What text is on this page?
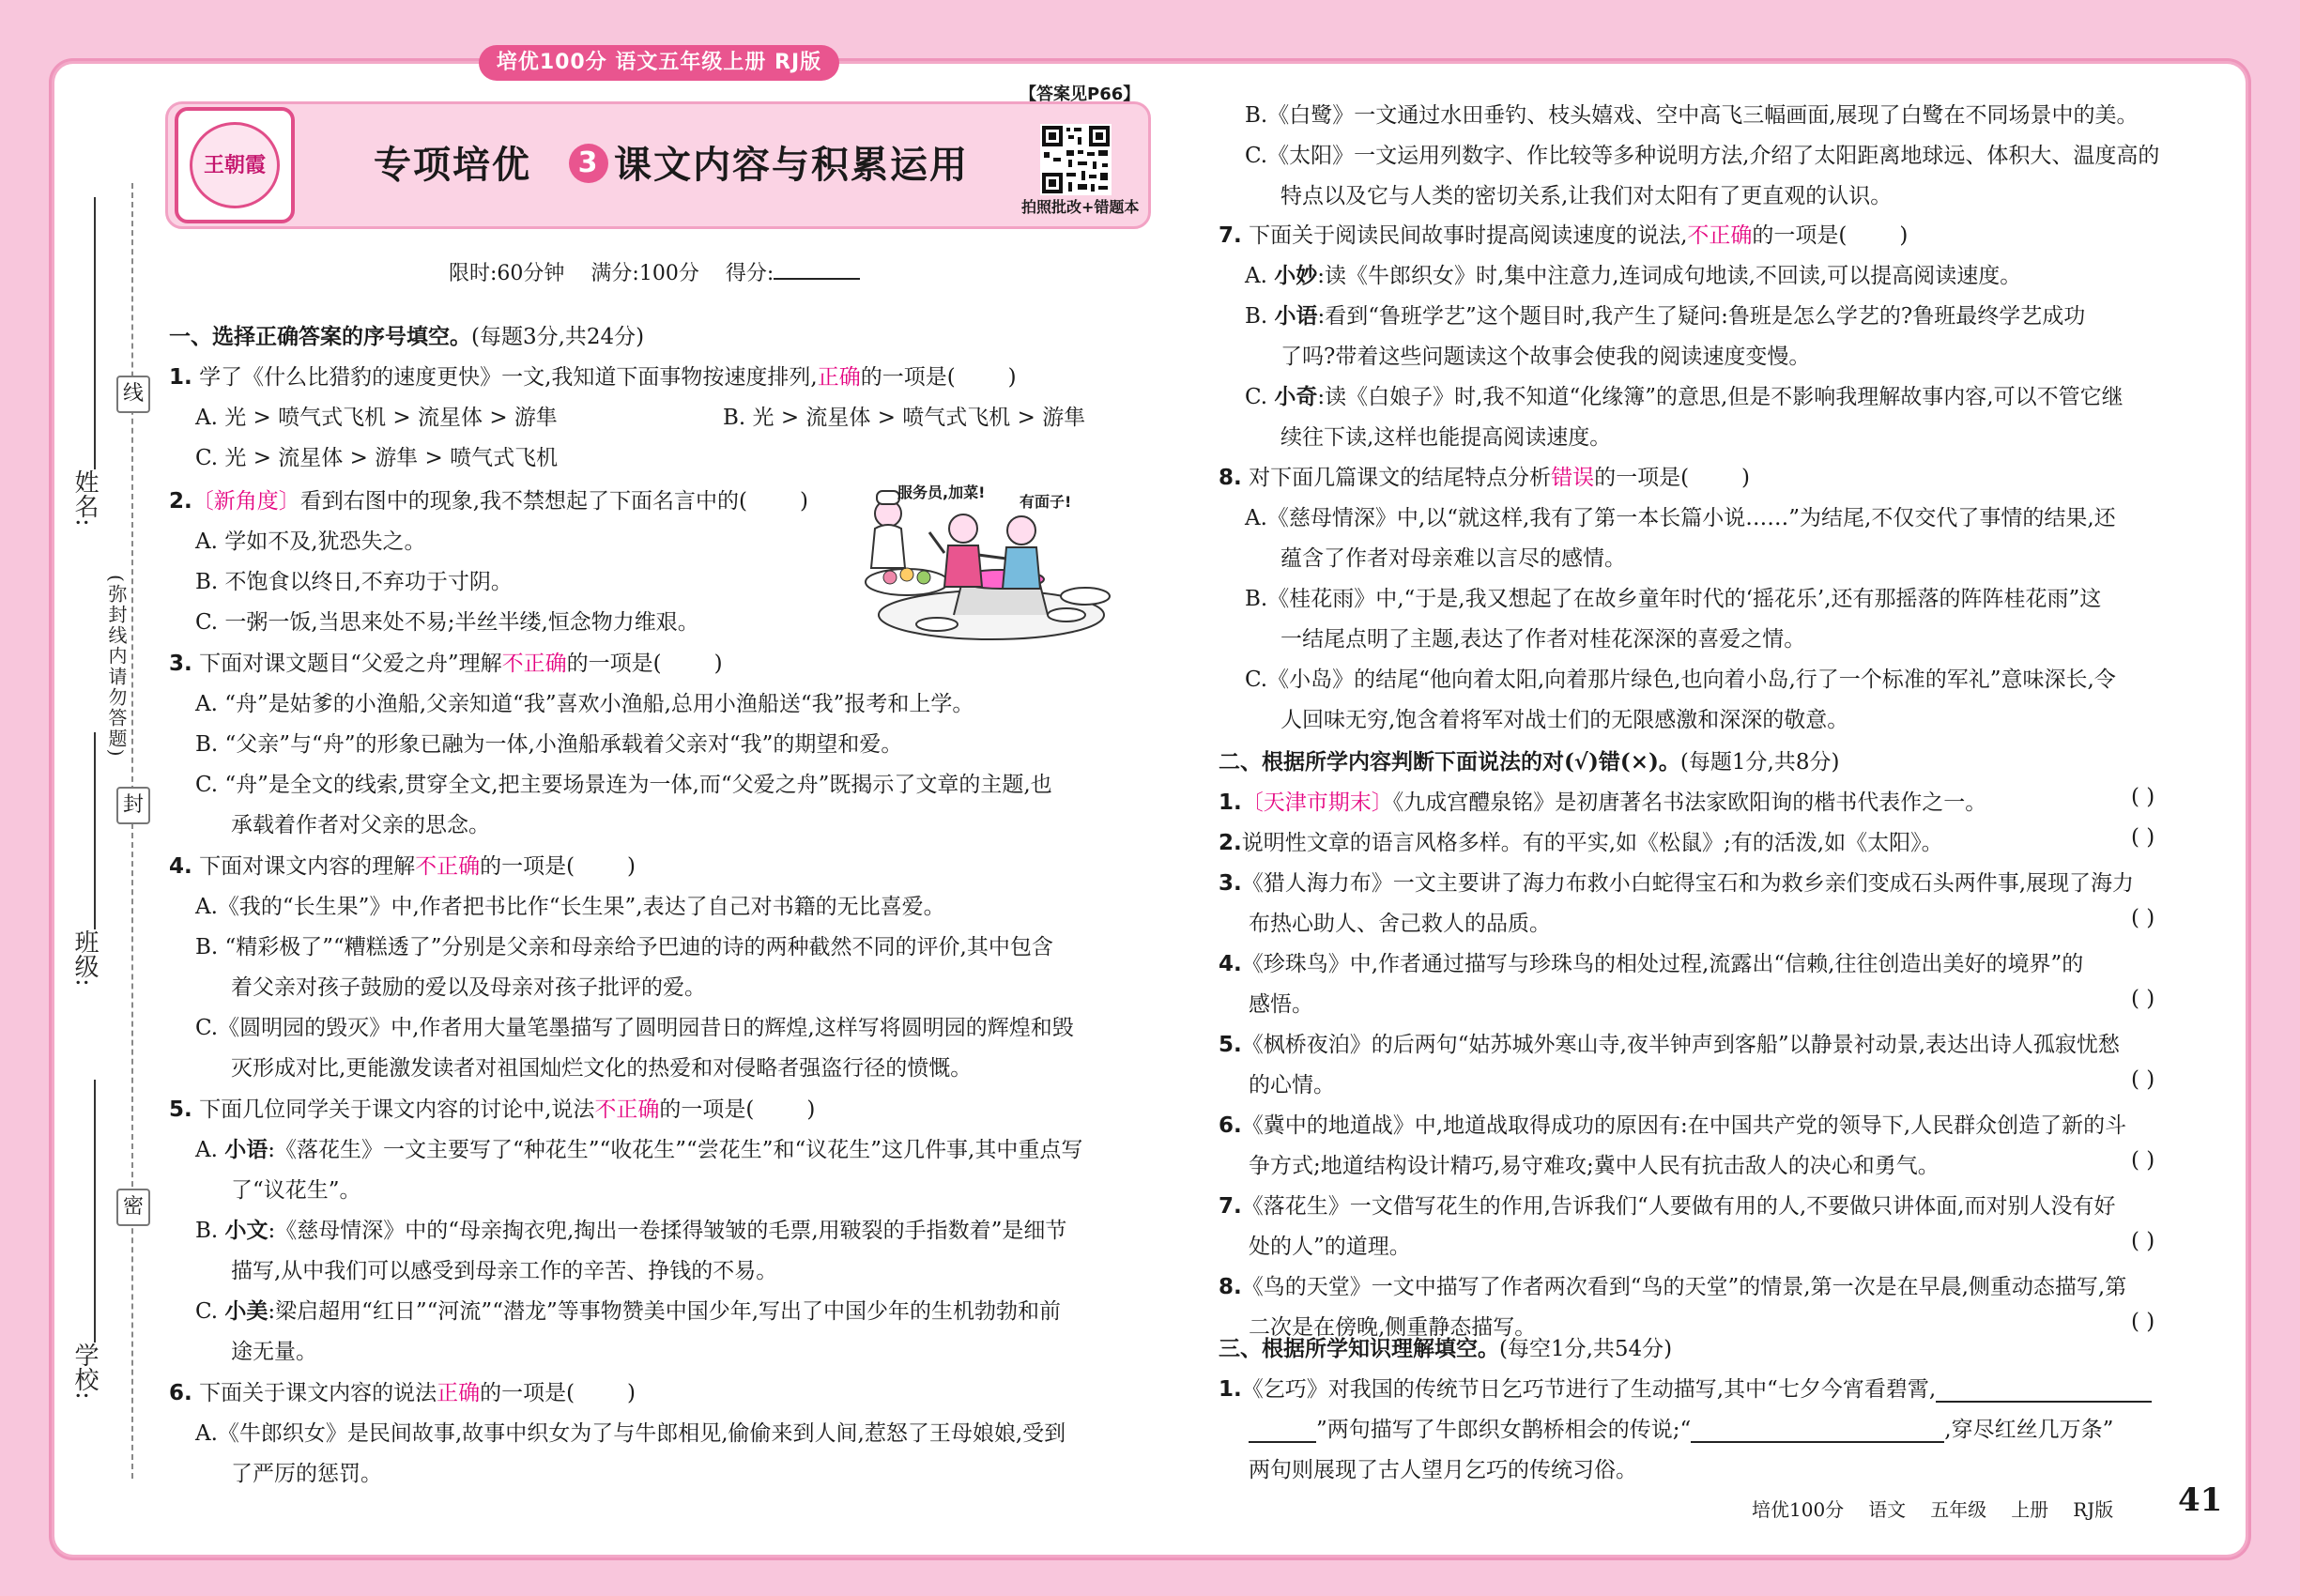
培优100分 语文五年级上册 RJ版
姓名:
班级:
学校:
(弥封线内请勿答题)
线
封
密
王朝霞	专项培优 3 课文内容与积累运用
【答案见P66】
拍照批改+错题本
限时:60分钟 满分:100分 得分:
一、选择正确答案的序号填空。(每题3分,共24分)
1. 学了《什么比猎豹的速度更快》一文,我知道下面事物按速度排列,正确的一项是( )
A. 光 > 喷气式飞机 > 流星体 > 游隼	B. 光 > 流星体 > 喷气式飞机 > 游隼
C. 光 > 流星体 > 游隼 > 喷气式飞机
2.〔新角度〕看到右图中的现象,我不禁想起了下面名言中的( )
A. 学如不及,犹恐失之。
B. 不饱食以终日,不弃功于寸阴。
C. 一粥一饭,当思来处不易;半丝半缕,恒念物力维艰。
3. 下面对课文题目“父爱之舟”理解不正确的一项是( )
A. “舟”是姑爹的小渔船,父亲知道“我”喜欢小渔船,总用小渔船送“我”报考和上学。
B. “父亲”与“舟”的形象已融为一体,小渔船承载着父亲对“我”的期望和爱。
C. “舟”是全文的线索,贯穿全文,把主要场景连为一体,而“父爱之舟”既揭示了文章的主题,也
承载着作者对父亲的思念。
4. 下面对课文内容的理解不正确的一项是( )
A.《我的“长生果”》中,作者把书比作“长生果”,表达了自己对书籍的无比喜爱。
B. “精彩极了”“糟糕透了”分别是父亲和母亲给予巴迪的诗的两种截然不同的评价,其中包含
着父亲对孩子鼓励的爱以及母亲对孩子批评的爱。
C.《圆明园的毁灭》中,作者用大量笔墨描写了圆明园昔日的辉煌,这样写将圆明园的辉煌和毁
灭形成对比,更能激发读者对祖国灿烂文化的热爱和对侵略者强盗行径的愤慨。
5. 下面几位同学关于课文内容的讨论中,说法不正确的一项是( )
A. 小语:《落花生》一文主要写了“种花生”“收花生”“尝花生”和“议花生”这几件事,其中重点写
了“议花生”。
B. 小文:《慈母情深》中的“母亲掏衣兜,掏出一卷揉得皱皱的毛票,用皲裂的手指数着”是细节
描写,从中我们可以感受到母亲工作的辛苦、挣钱的不易。
C. 小美:梁启超用“红日”“河流”“潜龙”等事物赞美中国少年,写出了中国少年的生机勃勃和前
途无量。
6. 下面关于课文内容的说法正确的一项是( )
A.《牛郎织女》是民间故事,故事中织女为了与牛郎相见,偷偷来到人间,惹怒了王母娘娘,受到
了严厉的惩罚。
服务员,加菜!
有面子!
B.《白鹭》一文通过水田垂钓、枝头嬉戏、空中高飞三幅画面,展现了白鹭在不同场景中的美。
C.《太阳》一文运用列数字、作比较等多种说明方法,介绍了太阳距离地球远、体积大、温度高的
特点以及它与人类的密切关系,让我们对太阳有了更直观的认识。
7. 下面关于阅读民间故事时提高阅读速度的说法,不正确的一项是( )
A. 小妙:读《牛郎织女》时,集中注意力,连词成句地读,不回读,可以提高阅读速度。
B. 小语:看到“鲁班学艺”这个题目时,我产生了疑问:鲁班是怎么学艺的?鲁班最终学艺成功
了吗?带着这些问题读这个故事会使我的阅读速度变慢。
C. 小奇:读《白娘子》时,我不知道“化缘簿”的意思,但是不影响我理解故事内容,可以不管它继
续往下读,这样也能提高阅读速度。
8. 对下面几篇课文的结尾特点分析错误的一项是( )
A.《慈母情深》中,以“就这样,我有了第一本长篇小说……”为结尾,不仅交代了事情的结果,还
蕴含了作者对母亲难以言尽的感情。
B.《桂花雨》中,“于是,我又想起了在故乡童年时代的‘摇花乐’,还有那摇落的阵阵桂花雨”这
一结尾点明了主题,表达了作者对桂花深深的喜爱之情。
C.《小岛》的结尾“他向着太阳,向着那片绿色,也向着小岛,行了一个标准的军礼”意味深长,令
人回味无穷,饱含着将军对战士们的无限感激和深深的敬意。
二、根据所学内容判断下面说法的对(√)错(×)。(每题1分,共8分)
1.〔天津市期末〕《九成宫醴泉铭》是初唐著名书法家欧阳询的楷书代表作之一。	( )
2.说明性文章的语言风格多样。有的平实,如《松鼠》;有的活泼,如《太阳》。	( )
3.《猎人海力布》一文主要讲了海力布救小白蛇得宝石和为救乡亲们变成石头两件事,展现了海力
布热心助人、舍己救人的品质。	( )
4.《珍珠鸟》中,作者通过描写与珍珠鸟的相处过程,流露出“信赖,往往创造出美好的境界”的
感悟。	( )
5.《枫桥夜泊》的后两句“姑苏城外寒山寺,夜半钟声到客船”以静景衬动景,表达出诗人孤寂忧愁
的心情。	( )
6.《冀中的地道战》中,地道战取得成功的原因有:在中国共产党的领导下,人民群众创造了新的斗
争方式;地道结构设计精巧,易守难攻;冀中人民有抗击敌人的决心和勇气。	( )
7.《落花生》一文借写花生的作用,告诉我们“人要做有用的人,不要做只讲体面,而对别人没有好
处的人”的道理。	( )
8.《鸟的天堂》一文中描写了作者两次看到“鸟的天堂”的情景,第一次是在早晨,侧重动态描写,第
二次是在傍晚,侧重静态描写。	( )
三、根据所学知识理解填空。(每空1分,共54分)
1.《乞巧》对我国的传统节日乞巧节进行了生动描写,其中“七夕今宵看碧霄,
”两句描写了牛郎织女鹊桥相会的传说;“	,穿尽红丝几万条”
两句则展现了古人望月乞巧的传统习俗。
培优100分 语文 五年级 上册 RJ版	41
